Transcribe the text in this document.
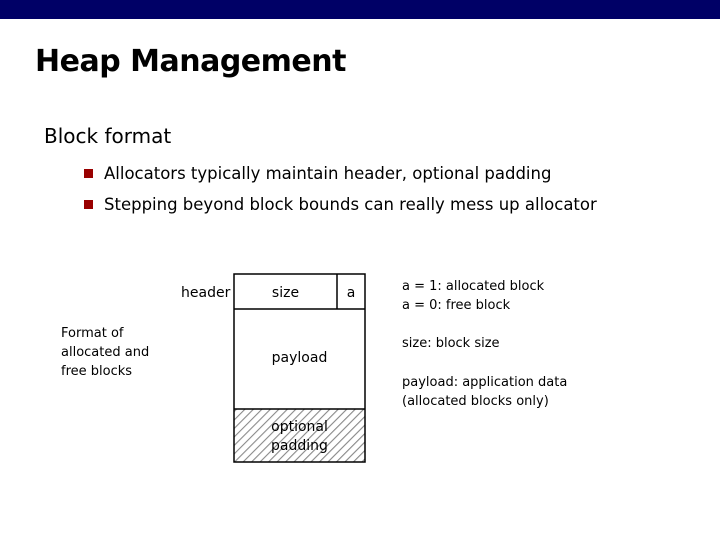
Heap Management
Block format
Allocators typically maintain header, optional padding

Stepping beyond block bounds can really mess up allocator

header
Format of
allocated and
free blocks
size	a
payload
optional
padding
a = 1: allocated block
a = 0: free block
size: block size
payload: application data
(allocated blocks only)
